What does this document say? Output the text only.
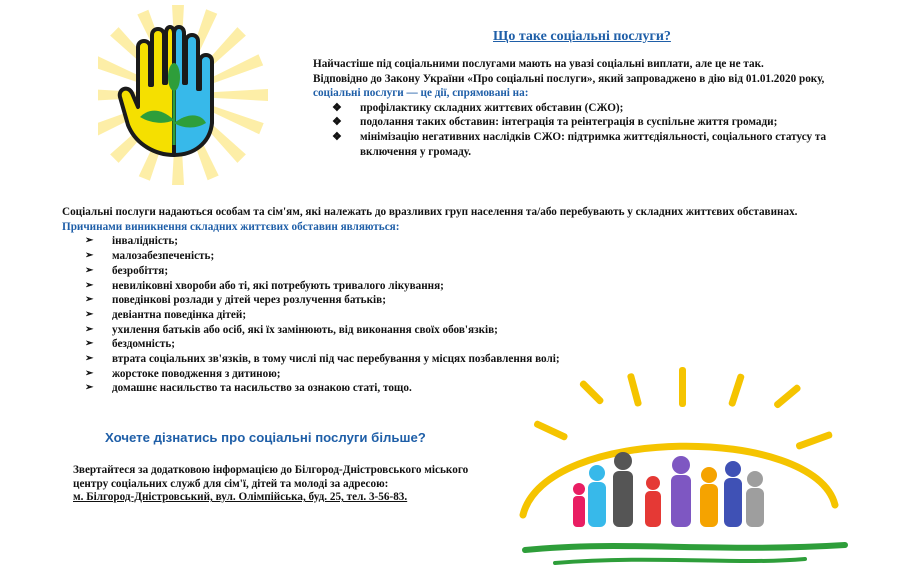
Що таке соціальні послуги?

Найчастіше під соціальними послугами мають на увазі соціальні виплати, але це не так.

Відповідно до Закону України «Про соціальні послуги», який запроваджено в дію від 01.01.2020 року,

соціальні послуги — це дії, спрямовані на:

❖ профілактику складних життєвих обставин (СЖО);

❖ подолання таких обставин: інтеграція та реінтеграція в суспільне життя громади;

❖ мінімізацію негативних наслідків СЖО: підтримка життєдіяльності, соціального статусу та включення у громаду.

Соціальні послуги надаються особам та сім'ям, які належать до вразливих груп населення та/або перебувають у складних життєвих обставинах.

Причинами виникнення складних життєвих обставин являються:

➢ інвалідність;
➢ малозабезпеченість;
➢ безробіття;
➢ невиліковні хвороби або ті, які потребують тривалого лікування;
➢ поведінкові розлади у дітей через розлучення батьків;
➢ девіантна поведінка дітей;
➢ ухилення батьків або осіб, які їх замінюють, від виконання своїх обов'язків;
➢ бездомність;
➢ втрата соціальних зв'язків, в тому числі під час перебування у місцях позбавлення волі;
➢ жорстоке поводження з дитиною;
➢ домашнє насильство та насильство за ознакою статі, тощо.
Хочете дізнатись про соціальні послуги більше?

Звертайтеся за додатковою інформацією до Білгород-Дністровського міського центру соціальних служб для сім'ї, дітей та молоді за адресою:

м. Білгород-Дністровський, вул. Олімпійська, буд. 25, тел. 3-56-83.
